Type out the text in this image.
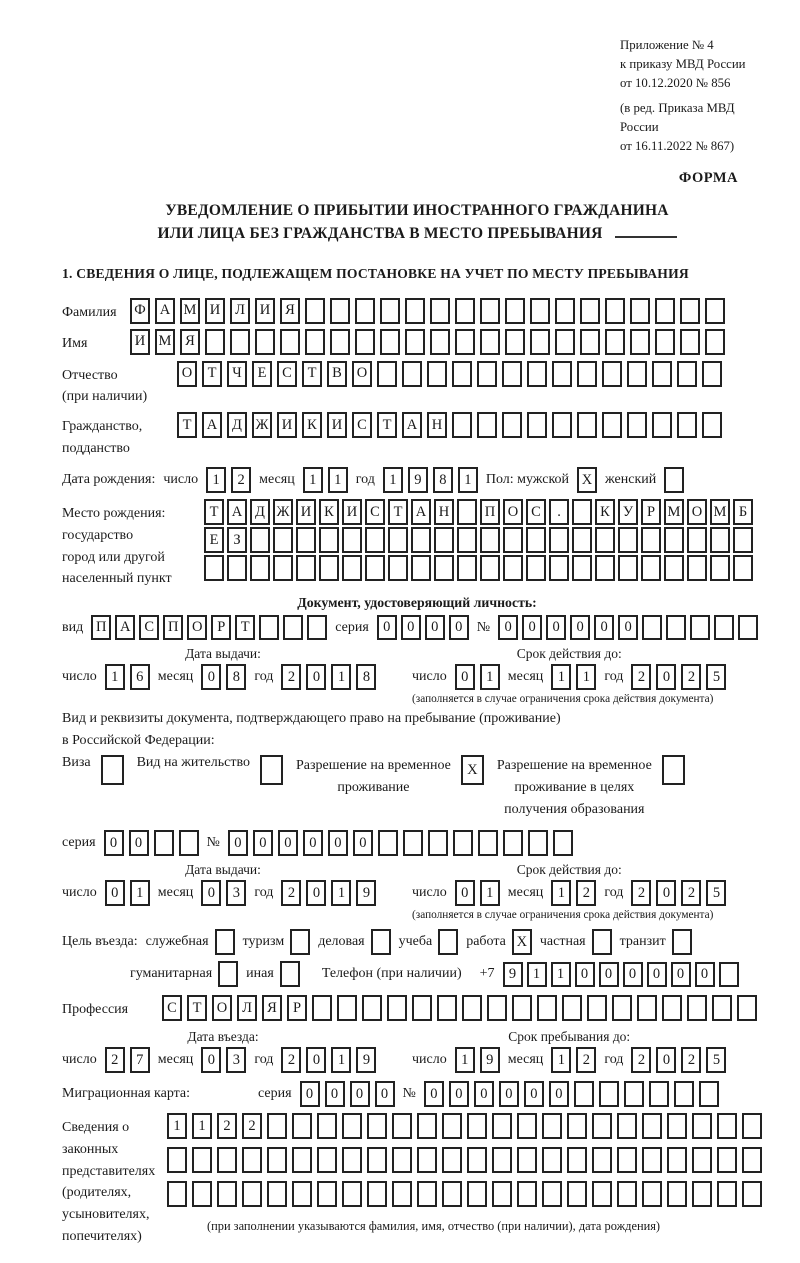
Приложение № 4
к приказу МВД России
от 10.12.2020 № 856
(в ред. Приказа МВД России
от 16.11.2022 № 867)
ФОРМА
УВЕДОМЛЕНИЕ О ПРИБЫТИИ ИНОСТРАННОГО ГРАЖДАНИНА
ИЛИ ЛИЦА БЕЗ ГРАЖДАНСТВА В МЕСТО ПРЕБЫВАНИЯ
1. СВЕДЕНИЯ О ЛИЦЕ, ПОДЛЕЖАЩЕМ ПОСТАНОВКЕ НА УЧЕТ ПО МЕСТУ ПРЕБЫВАНИЯ
Фамилия	Ф А М И	Л	И	Я
Имя	И М Я
Отчество
(при наличии)
О	Т	Ч	Е	С	Т	В	О
Гражданство,
подданство
Т	А	Д Ж И	К	И	С	Т	А	Н
Дата рождения: число 1	2	месяц 1	1	год 1	9	8	1	Пол: мужской X женский
Место рождения:
государство
город или другой
населенный пункт
Т А Д Ж И К И С Т А Н	П О С	.	К У Р М О М Б
Е	З
Документ, удостоверяющий личность:
вид П А С П О	Р	Т	серия 0	0	0	0	№ 0	0	0	0	0	0
Дата выдачи:
число 1	6	месяц 0	8	год 2	0	1	8
Срок действия до:
число 0	1	месяц 1	1	год 2	0	2	5
(заполняется в случае ограничения срока действия документа)
Вид и реквизиты документа, подтверждающего право на пребывание (проживание)
в Российской Федерации:
Виза	Вид на жительство	Разрешение на временное
проживание
X	Разрешение на временное
проживание в целях
получения образования
серия 0	0	№ 0	0	0	0	0	0
Дата выдачи:
число 0	1	месяц 0	3	год 2	0	1	9
Срок действия до:
число 0	1	месяц 1	2	год 2	0	2	5
(заполняется в случае ограничения срока действия документа)
Цель въезда: служебная туризм деловая учеба работа X частная транзит
гуманитарная иная	Телефон (при наличии) +7 9	1	1	0	0	0	0	0	0
Профессия	С	Т	О	Л	Я	Р
Дата въезда:
число 2	7	месяц 0	3	год 2	0	1	9
Срок пребывания до:
число 1	9	месяц 1	2	год 2	0	2	5
Миграционная карта:	серия 0	0	0	0	№ 0	0	0	0	0	0
Сведения о
законных
представителях
(родителях,
усыновителях,
попечителях)
1	1	2	2
(при заполнении указываются фамилия, имя, отчество (при наличии), дата рождения)
